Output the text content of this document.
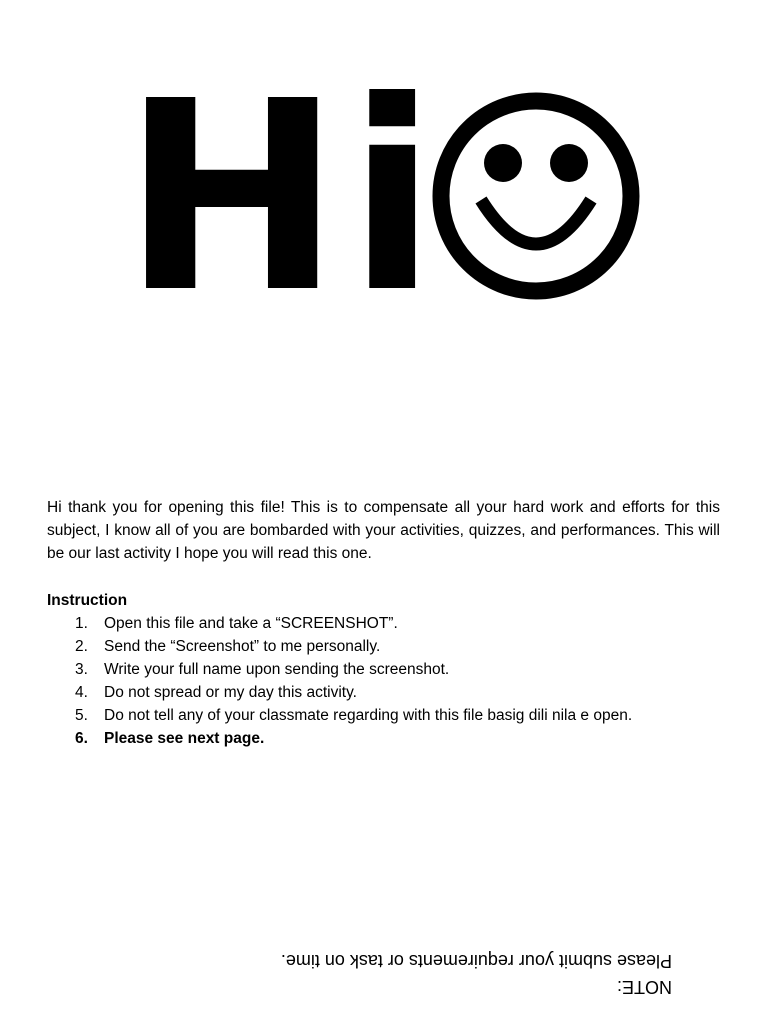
Hi

Hi thank you for opening this file! This is to compensate all your hard work and efforts for this subject, I know all of you are bombarded with your activities, quizzes, and performances. This will be our last activity I hope you will read this one.

Instruction
1. Open this file and take a “SCREENSHOT”.
2. Send the “Screenshot” to me personally.
3. Write your full name upon sending the screenshot.
4. Do not spread or my day this activity.
5. Do not tell any of your classmate regarding with this file basig dili nila e open.
6. Please see next page.

NOTE:

Please submit your requirements or task on time.
